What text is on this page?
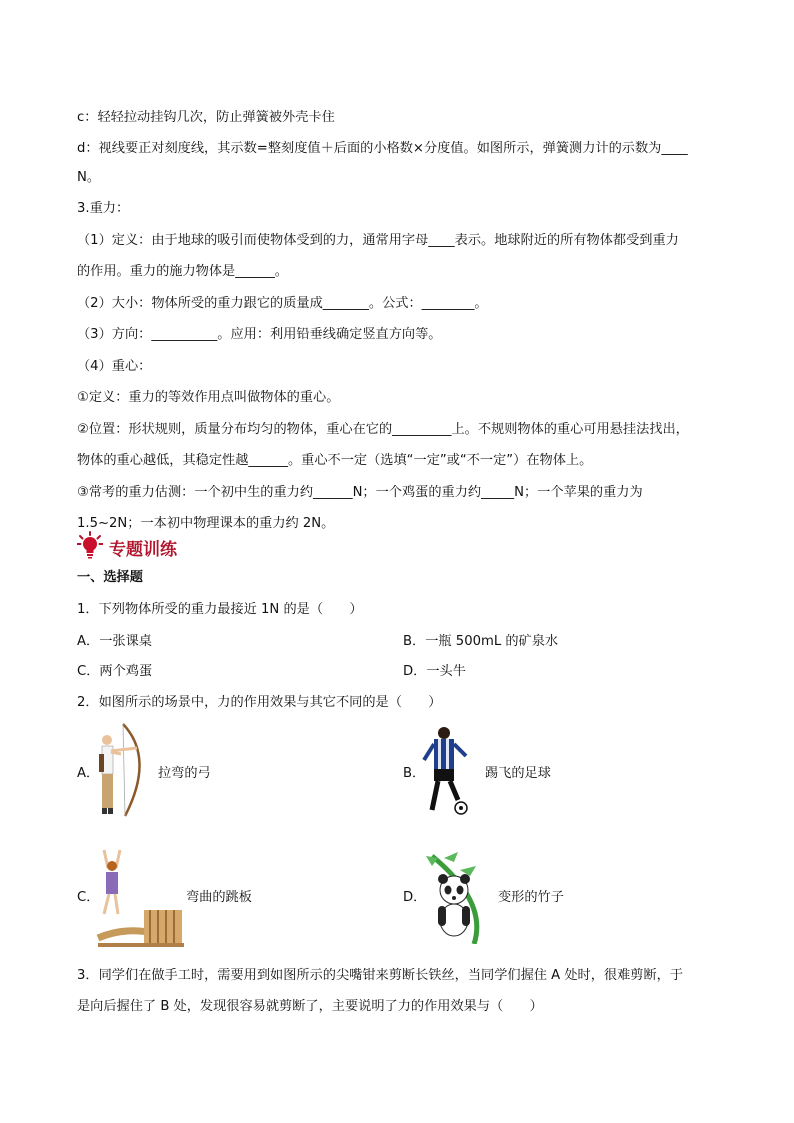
c：轻轻拉动挂钩几次，防止弹簧被外壳卡住
d：视线要正对刻度线，其示数=整刻度值＋后面的小格数×分度值。如图所示，弹簧测力计的示数为____
N。
3.重力：
（1）定义：由于地球的吸引而使物体受到的力，通常用字母____表示。地球附近的所有物体都受到重力
的作用。重力的施力物体是______。
（2）大小：物体所受的重力跟它的质量成_______。公式：________。
（3）方向：__________。应用：利用铅垂线确定竖直方向等。
（4）重心：
①定义：重力的等效作用点叫做物体的重心。
②位置：形状规则，质量分布均匀的物体，重心在它的_________上。不规则物体的重心可用悬挂法找出，
物体的重心越低，其稳定性越______。重心不一定（选填“一定”或“不一定”）在物体上。
③常考的重力估测：一个初中生的重力约______N；一个鸡蛋的重力约_____N；一个苹果的重力为
1.5~2N；一本初中物理课本的重力约 2N。
专题训练
一、选择题
1．下列物体所受的重力最接近 1N 的是（　　）
A．一张课桌	B．一瓶 500mL 的矿泉水
C．两个鸡蛋	D．一头牛
2．如图所示的场景中，力的作用效果与其它不同的是（　　）
A．	拉弯的弓	B．	踢飞的足球
C．	弯曲的跳板	D．	变形的竹子
3．同学们在做手工时，需要用到如图所示的尖嘴钳来剪断长铁丝，当同学们握住 A 处时，很难剪断，于
是向后握住了 B 处，发现很容易就剪断了，主要说明了力的作用效果与（　　）
